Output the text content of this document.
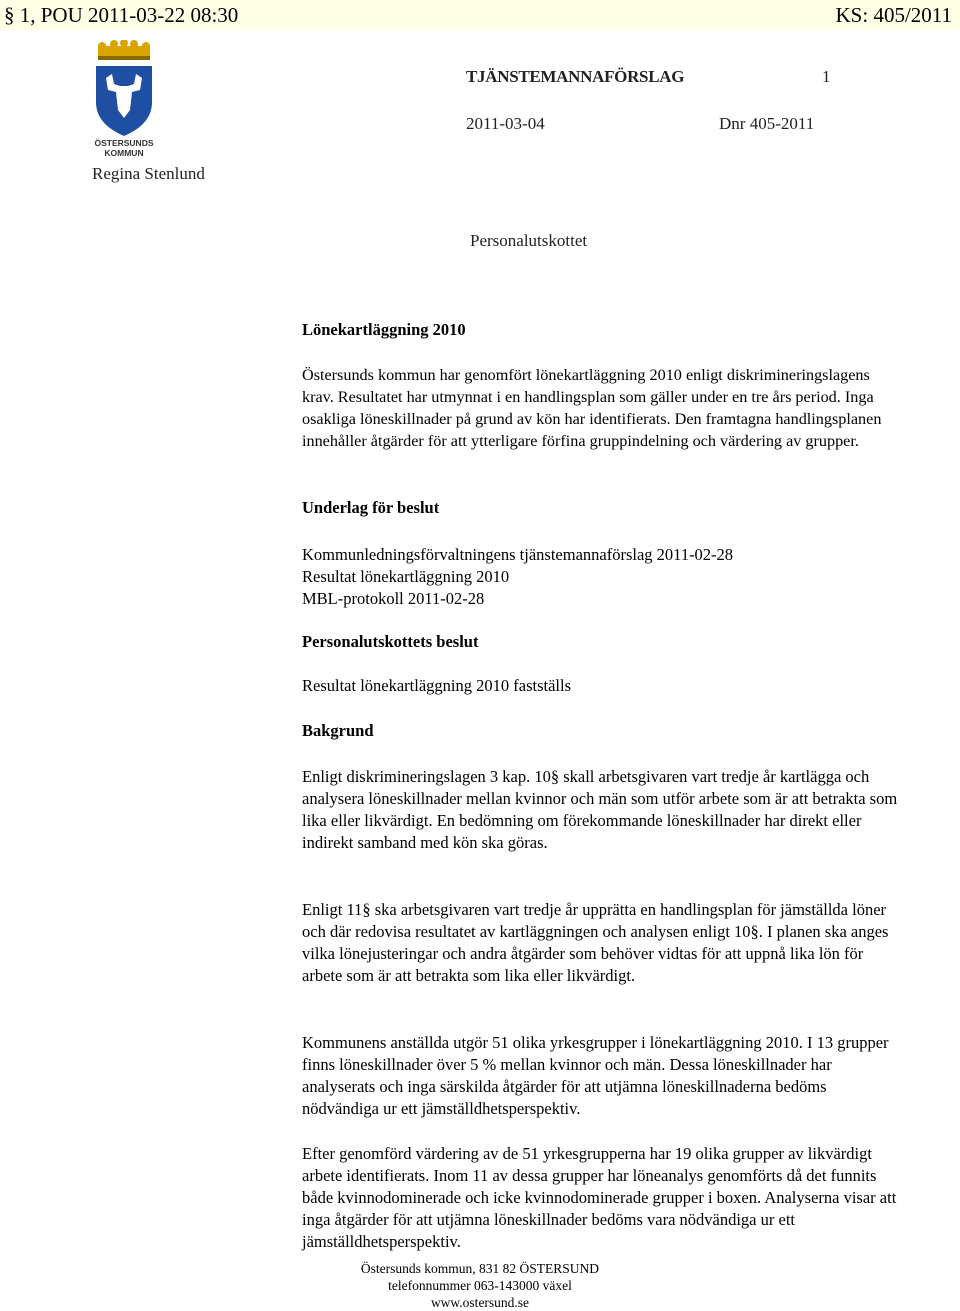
§ 1, POU 2011-03-22 08:30	KS: 405/2011
ÖSTERSUNDS
KOMMUN
TJÄNSTEMANNAFÖRSLAG	1
2011-03-04	Dnr 405-2011
Regina Stenlund
Personalutskottet
Lönekartläggning 2010
Östersunds kommun har genomfört lönekartläggning 2010 enligt diskrimineringslagens krav. Resultatet har utmynnat i en handlingsplan som gäller under en tre års period. Inga osakliga löneskillnader på grund av kön har identifierats. Den framtagna handlingsplanen innehåller åtgärder för att ytterligare förfina gruppindelning och värdering av grupper.
Underlag för beslut

Kommunledningsförvaltningens tjänstemannaförslag 2011-02-28

Resultat lönekartläggning 2010

MBL-protokoll 2011-02-28

Personalutskottets beslut
Resultat lönekartläggning 2010 fastställs
Bakgrund
Enligt diskrimineringslagen 3 kap. 10§ skall arbetsgivaren vart tredje år kartlägga och analysera löneskillnader mellan kvinnor och män som utför arbete som är att betrakta som lika eller likvärdigt. En bedömning om förekommande löneskillnader har direkt eller indirekt samband med kön ska göras.
Enligt 11§ ska arbetsgivaren vart tredje år upprätta en handlingsplan för jämställda löner och där redovisa resultatet av kartläggningen och analysen enligt 10§. I planen ska anges vilka lönejusteringar och andra åtgärder som behöver vidtas för att uppnå lika lön för arbete som är att betrakta som lika eller likvärdigt.
Kommunens anställda utgör 51 olika yrkesgrupper i lönekartläggning 2010. I 13 grupper finns löneskillnader över 5 % mellan kvinnor och män. Dessa löneskillnader har analyserats och inga särskilda åtgärder för att utjämna löneskillnaderna bedöms nödvändiga ur ett jämställdhetsperspektiv.
Efter genomförd värdering av de 51 yrkesgrupperna har 19 olika grupper av likvärdigt arbete identifierats. Inom 11 av dessa grupper har löneanalys genomförts då det funnits både kvinnodominerade och icke kvinnodominerade grupper i boxen. Analyserna visar att inga åtgärder för att utjämna löneskillnader bedöms vara nödvändiga ur ett jämställdhetsperspektiv.

Östersunds kommun, 831 82 ÖSTERSUND

telefonnummer 063-143000 växel

www.ostersund.se
